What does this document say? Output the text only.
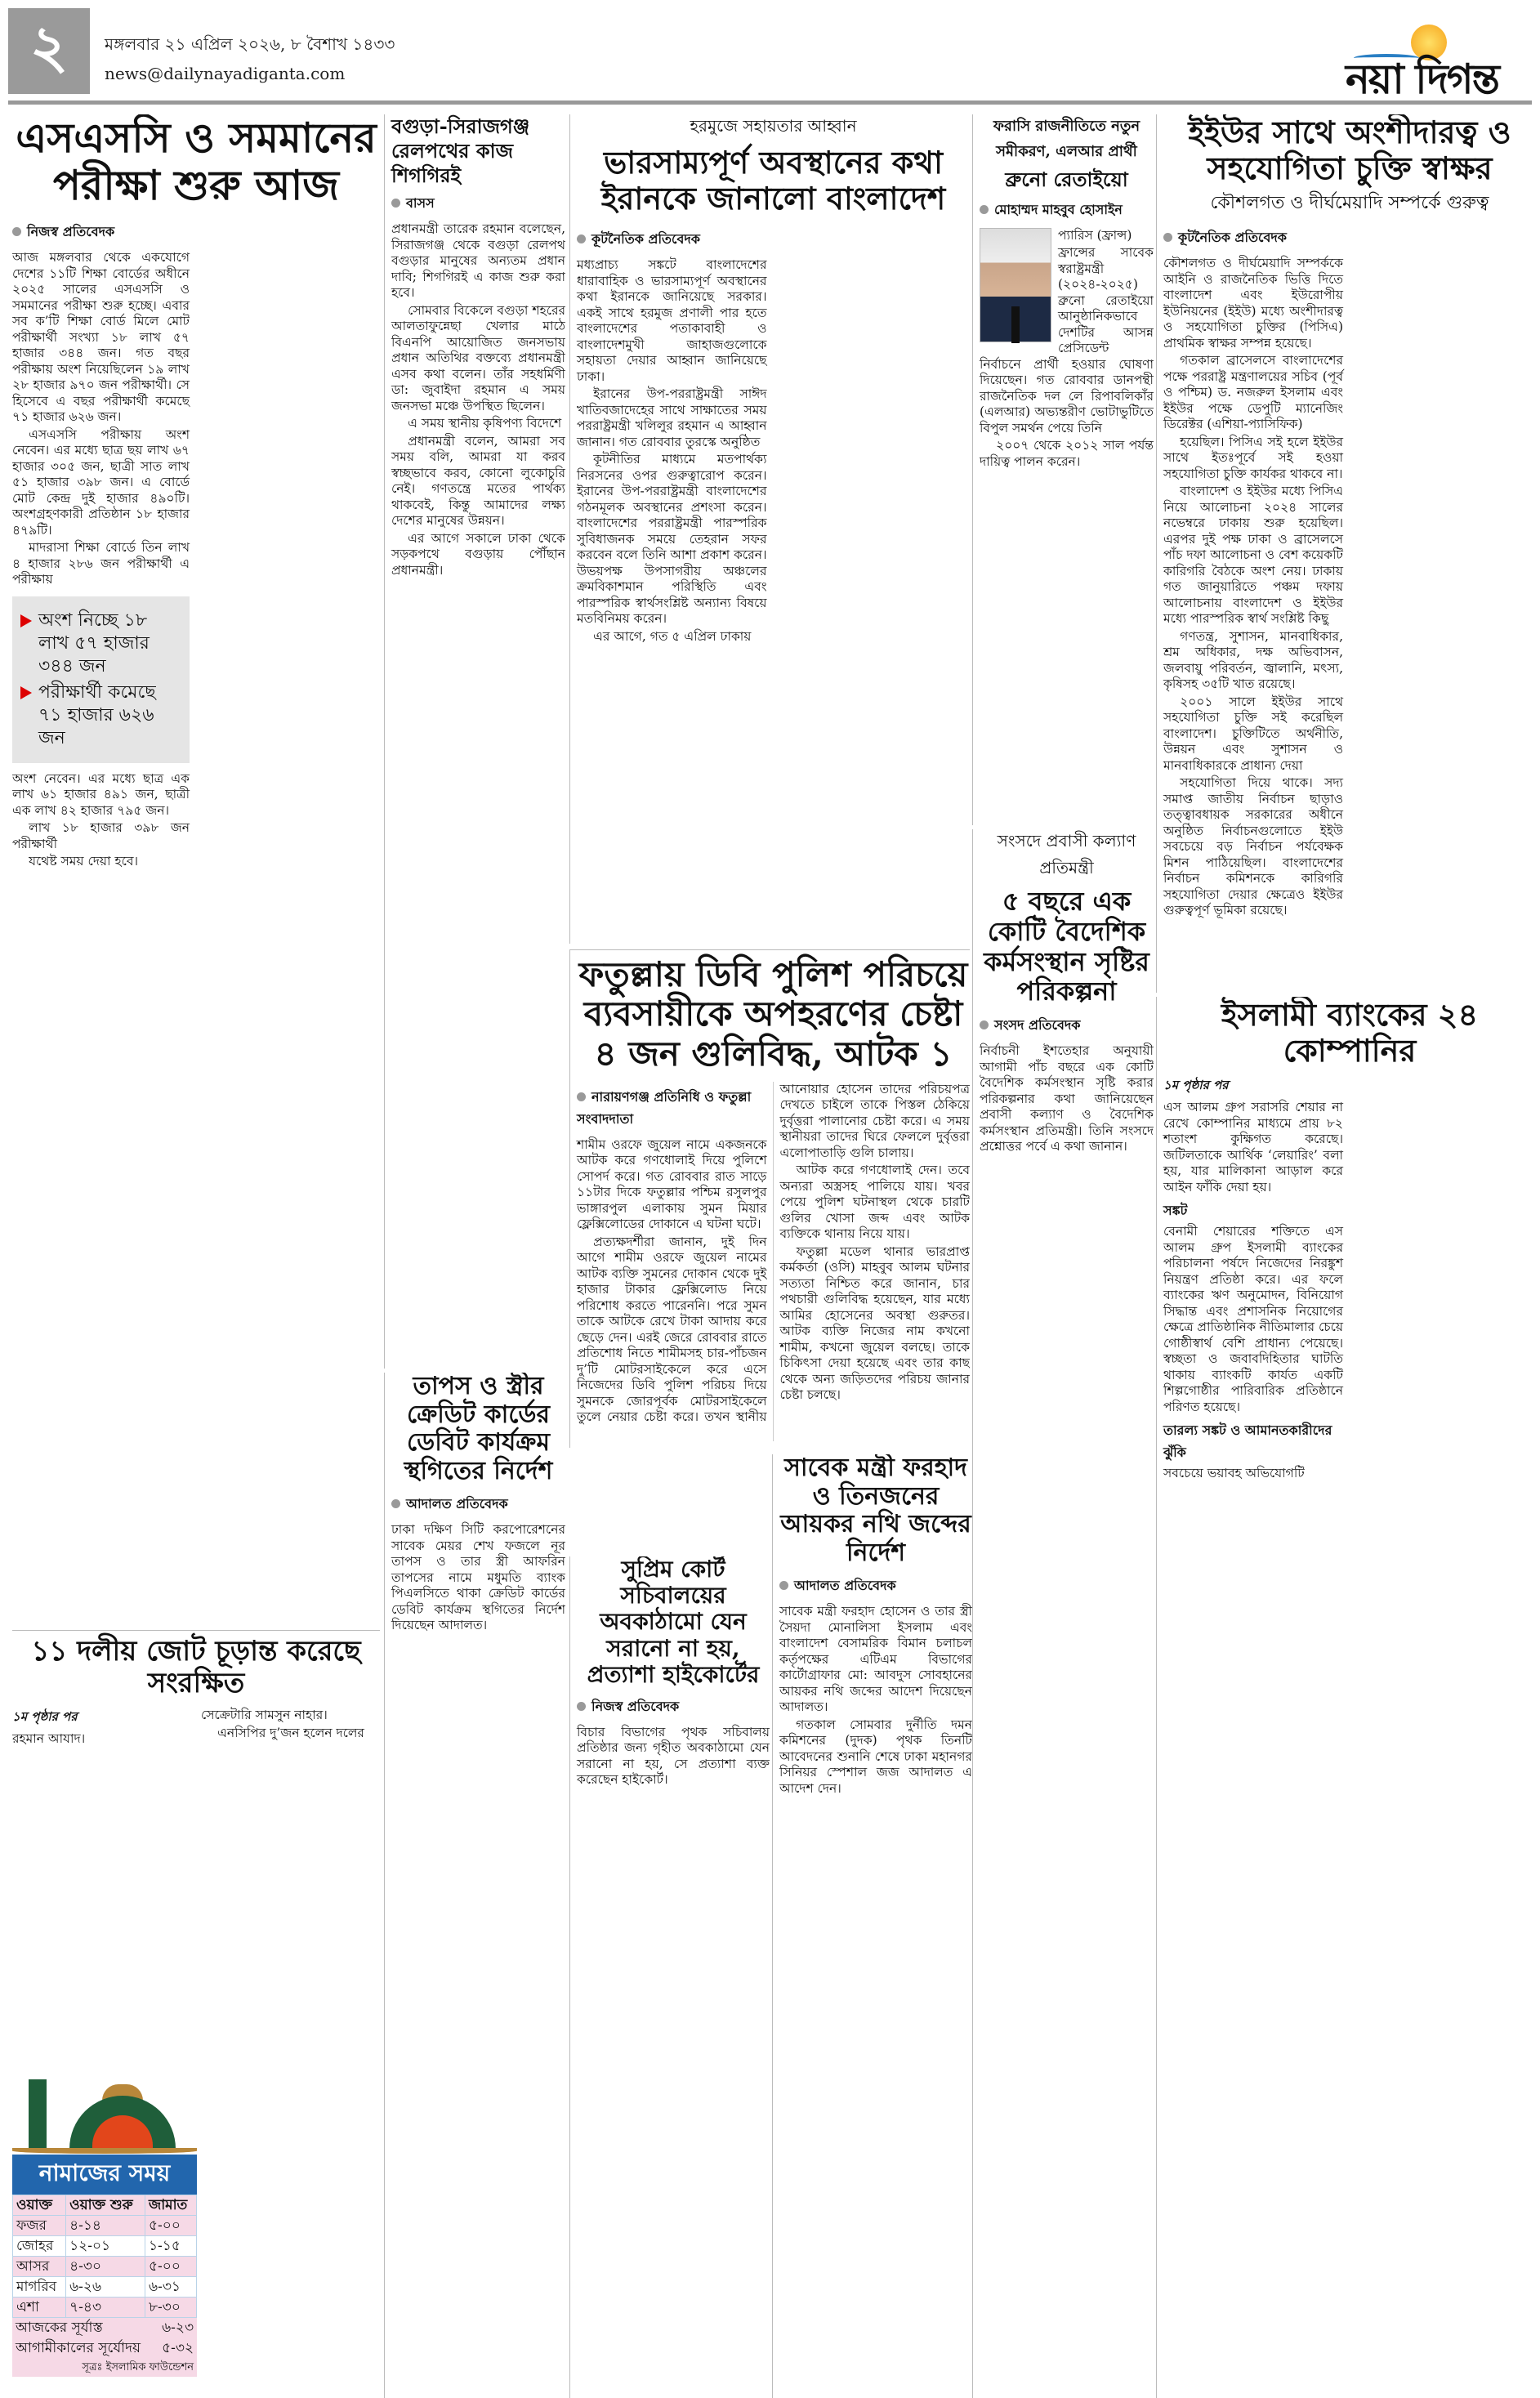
২	মঙ্গলবার ২১ এপ্রিল ২০২৬, ৮ বৈশাখ ১৪৩৩
news@dailynayadiganta.com	নয়া দিগন্ত
এসএসসি ও সমমানের পরীক্ষা শুরু আজ
নিজস্ব প্রতিবেদক

আজ মঙ্গলবার থেকে একযোগে দেশের ১১টি শিক্ষা বোর্ডের অধীনে ২০২৫ সালের এসএসসি ও সমমানের পরীক্ষা শুরু হচ্ছে। এবার সব ক’টি শিক্ষা বোর্ড মিলে মোট পরীক্ষার্থী সংখ্যা ১৮ লাখ ৫৭ হাজার ৩৪৪ জন। গত বছর পরীক্ষায় অংশ নিয়েছিলেন ১৯ লাখ ২৮ হাজার ৯৭০ জন পরীক্ষার্থী। সে হিসেবে এ বছর পরীক্ষার্থী কমেছে ৭১ হাজার ৬২৬ জন।

এসএসসি পরীক্ষায় অংশ নেবেন। এর মধ্যে ছাত্র ছয় লাখ ৬৭ হাজার ৩০৫ জন, ছাত্রী সাত লাখ ৫১ হাজার ৩৯৮ জন। এ বোর্ডে মোট কেন্দ্র দুই হাজার ৪৯০টি। অংশগ্রহণকারী প্রতিষ্ঠান ১৮ হাজার ৪৭৯টি।

মাদরাসা শিক্ষা বোর্ডে তিন লাখ ৪ হাজার ২৮৬ জন পরীক্ষার্থী এ পরীক্ষায়

অংশ নিচ্ছে ১৮ লাখ ৫৭ হাজার ৩৪৪ জন
পরীক্ষার্থী কমেছে ৭১ হাজার ৬২৬ জন

অংশ নেবেন। এর মধ্যে ছাত্র এক লাখ ৬১ হাজার ৪৯১ জন, ছাত্রী এক লাখ ৪২ হাজার ৭৯৫ জন।

লাখ ১৮ হাজার ৩৯৮ জন পরীক্ষার্থী

যথেষ্ট সময় দেয়া হবে।

১১ দলীয় জোট চূড়ান্ত করেছে সংরক্ষিত
১ম পৃষ্ঠার পর

রহমান আযাদ।

সেক্রেটারি সামসুন নাহার।

এনসিপির দু’জন হলেন দলের

নামাজের সময়
ওয়াক্ত	ওয়াক্ত শুরু	জামাত
ফজর	৪-১৪	৫-০০
জোহর	১২-০১	১-১৫
আসর	৪-৩০	৫-০০
মাগরিব	৬-২৬	৬-৩১
এশা	৭-৪৩	৮-৩০
আজকের সূর্যাস্ত	৬-২৩
আগামীকালের সূর্যোদয় ৫-৩২
সূত্রঃ ইসলামিক ফাউন্ডেশন
বগুড়া-সিরাজগঞ্জ
রেলপথের কাজ শিগগিরই
বাসস

প্রধানমন্ত্রী তারেক রহমান বলেছেন, সিরাজগঞ্জ থেকে বগুড়া রেলপথ বগুড়ার মানুষের অন্যতম প্রধান দাবি; শিগগিরই এ কাজ শুরু করা হবে।

সোমবার বিকেলে বগুড়া শহরের আলতাফুন্নেছা খেলার মাঠে বিএনপি আয়োজিত জনসভায় প্রধান অতিথির বক্তব্যে প্রধানমন্ত্রী এসব কথা বলেন। তাঁর সহধর্মিণী ডা: জুবাইদা রহমান এ সময় জনসভা মঞ্চে উপস্থিত ছিলেন।

এ সময় স্থানীয় কৃষিপণ্য বিদেশে

প্রধানমন্ত্রী বলেন, আমরা সব সময় বলি, আমরা যা করব স্বচ্ছভাবে করব, কোনো লুকোচুরি নেই। গণতন্ত্রে মতের পার্থক্য থাকবেই, কিন্তু আমাদের লক্ষ্য দেশের মানুষের উন্নয়ন।

এর আগে সকালে ঢাকা থেকে সড়কপথে বগুড়ায় পৌঁছান প্রধানমন্ত্রী।

তাপস ও স্ত্রীর ক্রেডিট কার্ডের ডেবিট কার্যক্রম স্থগিতের নির্দেশ
আদালত প্রতিবেদক

ঢাকা দক্ষিণ সিটি করপোরেশনের সাবেক মেয়র শেখ ফজলে নূর তাপস ও তার স্ত্রী আফরিন তাপসের নামে মধুমতি ব্যাংক পিএলসিতে থাকা ক্রেডিট কার্ডের ডেবিট কার্যক্রম স্থগিতের নির্দেশ দিয়েছেন আদালত।

হরমুজে সহায়তার আহ্বান
ভারসাম্যপূর্ণ অবস্থানের কথা ইরানকে জানালো বাংলাদেশ
কূটনৈতিক প্রতিবেদক

মধ্যপ্রাচ্য সঙ্কটে বাংলাদেশের ধারাবাহিক ও ভারসাম্যপূর্ণ অবস্থানের কথা ইরানকে জানিয়েছে সরকার। একই সাথে হরমুজ প্রণালী পার হতে বাংলাদেশের পতাকাবাহী ও বাংলাদেশমুখী জাহাজগুলোকে সহায়তা দেয়ার আহ্বান জানিয়েছে ঢাকা।

ইরানের উপ-পররাষ্ট্রমন্ত্রী সাঈদ খাতিবজাদেহের সাথে সাক্ষাতের সময় পররাষ্ট্রমন্ত্রী খলিলুর রহমান এ আহ্বান জানান। গত রোববার তুরস্কে অনুষ্ঠিত

কূটনীতির মাধ্যমে মতপার্থক্য নিরসনের ওপর গুরুত্বারোপ করেন। ইরানের উপ-পররাষ্ট্রমন্ত্রী বাংলাদেশের গঠনমূলক অবস্থানের প্রশংসা করেন। বাংলাদেশের পররাষ্ট্রমন্ত্রী পারস্পরিক সুবিধাজনক সময়ে তেহরান সফর করবেন বলে তিনি আশা প্রকাশ করেন। উভয়পক্ষ উপসাগরীয় অঞ্চলের ক্রমবিকাশমান পরিস্থিতি এবং পারস্পরিক স্বার্থসংশ্লিষ্ট অন্যান্য বিষয়ে মতবিনিময় করেন।

এর আগে, গত ৫ এপ্রিল ঢাকায়

ফতুল্লায় ডিবি পুলিশ পরিচয়ে ব্যবসায়ীকে অপহরণের চেষ্টা ৪ জন গুলিবিদ্ধ, আটক ১
নারায়ণগঞ্জ প্রতিনিধি ও ফতুল্লা সংবাদদাতা

শামীম ওরফে জুয়েল নামে একজনকে আটক করে গণধোলাই দিয়ে পুলিশে সোপর্দ করে। গত রোববার রাত সাড়ে ১১টার দিকে ফতুল্লার পশ্চিম রসুলপুর ভাঙ্গারপুল এলাকায় সুমন মিয়ার ফ্লেক্সিলোডের দোকানে এ ঘটনা ঘটে।

প্রত্যক্ষদর্শীরা জানান, দুই দিন আগে শামীম ওরফে জুয়েল নামের আটক ব্যক্তি সুমনের দোকান থেকে দুই হাজার টাকার ফ্লেক্সিলোড নিয়ে পরিশোধ করতে পারেননি। পরে সুমন তাকে আটকে রেখে টাকা আদায় করে ছেড়ে দেন। এরই জেরে রোববার রাতে প্রতিশোধ নিতে শামীমসহ চার-পাঁচজন দু’টি মোটরসাইকেলে করে এসে নিজেদের ডিবি পুলিশ পরিচয় দিয়ে সুমনকে জোরপূর্বক মোটরসাইকেলে তুলে নেয়ার চেষ্টা করে। তখন স্থানীয় আনোয়ার হোসেন তাদের পরিচয়পত্র দেখতে চাইলে তাকে পিস্তল ঠেকিয়ে দুর্বৃত্তরা পালানোর চেষ্টা করে। এ সময় স্থানীয়রা তাদের ঘিরে ফেললে দুর্বৃত্তরা এলোপাতাড়ি গুলি চালায়।

আটক করে গণধোলাই দেন। তবে অন্যরা অস্ত্রসহ পালিয়ে যায়। খবর পেয়ে পুলিশ ঘটনাস্থল থেকে চারটি গুলির খোসা জব্দ এবং আটক ব্যক্তিকে থানায় নিয়ে যায়।

ফতুল্লা মডেল থানার ভারপ্রাপ্ত কর্মকর্তা (ওসি) মাহবুব আলম ঘটনার সত্যতা নিশ্চিত করে জানান, চার পথচারী গুলিবিদ্ধ হয়েছেন, যার মধ্যে আমির হোসেনের অবস্থা গুরুতর। আটক ব্যক্তি নিজের নাম কখনো শামীম, কখনো জুয়েল বলছে। তাকে চিকিৎসা দেয়া হয়েছে এবং তার কাছ থেকে অন্য জড়িতদের পরিচয় জানার চেষ্টা চলছে।

সুপ্রিম কোর্ট সচিবালয়ের অবকাঠামো যেন সরানো না হয়, প্রত্যাশা হাইকোর্টের
নিজস্ব প্রতিবেদক

বিচার বিভাগের পৃথক সচিবালয় প্রতিষ্ঠার জন্য গৃহীত অবকাঠামো যেন সরানো না হয়, সে প্রত্যাশা ব্যক্ত করেছেন হাইকোর্ট।

সাবেক মন্ত্রী ফরহাদ ও তিনজনের আয়কর নথি জব্দের নির্দেশ
আদালত প্রতিবেদক

সাবেক মন্ত্রী ফরহাদ হোসেন ও তার স্ত্রী সৈয়দা মোনালিসা ইসলাম এবং বাংলাদেশ বেসামরিক বিমান চলাচল কর্তৃপক্ষের এটিএম বিভাগের কার্টোগ্রাফার মো: আবদুস সোবহানের আয়কর নথি জব্দের আদেশ দিয়েছেন আদালত।

গতকাল সোমবার দুর্নীতি দমন কমিশনের (দুদক) পৃথক তিনটি আবেদনের শুনানি শেষে ঢাকা মহানগর সিনিয়র স্পেশাল জজ আদালত এ আদেশ দেন।

ফরাসি রাজনীতিতে নতুন সমীকরণ, এলআর প্রার্থী
ব্রুনো রেতাইয়ো
মোহাম্মদ মাহবুব হোসাইন

প্যারিস (ফ্রান্স)

ফ্রান্সের সাবেক স্বরাষ্ট্রমন্ত্রী (২০২৪-২০২৫) ব্রুনো রেতাইয়ো আনুষ্ঠানিকভাবে দেশটির আসন্ন প্রেসিডেন্ট নির্বাচনে প্রার্থী হওয়ার ঘোষণা দিয়েছেন। গত রোববার ডানপন্থী রাজনৈতিক দল লে রিপাবলিকাঁর (এলআর) অভ্যন্তরীণ ভোটাভুটিতে বিপুল সমর্থন পেয়ে তিনি

২০০৭ থেকে ২০১২ সাল পর্যন্ত দায়িত্ব পালন করেন।

সংসদে প্রবাসী কল্যাণ প্রতিমন্ত্রী
৫ বছরে এক কোটি বৈদেশিক কর্মসংস্থান সৃষ্টির পরিকল্পনা
সংসদ প্রতিবেদক

নির্বাচনী ইশতেহার অনুযায়ী আগামী পাঁচ বছরে এক কোটি বৈদেশিক কর্মসংস্থান সৃষ্টি করার পরিকল্পনার কথা জানিয়েছেন প্রবাসী কল্যাণ ও বৈদেশিক কর্মসংস্থান প্রতিমন্ত্রী। তিনি সংসদে প্রশ্নোত্তর পর্বে এ কথা জানান।

ইইউর সাথে অংশীদারত্ব ও সহযোগিতা চুক্তি স্বাক্ষর
কৌশলগত ও দীর্ঘমেয়াদি সম্পর্কে গুরুত্ব
কূটনৈতিক প্রতিবেদক

কৌশলগত ও দীর্ঘমেয়াদি সম্পর্ককে আইনি ও রাজনৈতিক ভিত্তি দিতে বাংলাদেশ এবং ইউরোপীয় ইউনিয়নের (ইইউ) মধ্যে অংশীদারত্ব ও সহযোগিতা চুক্তির (পিসিএ) প্রাথমিক স্বাক্ষর সম্পন্ন হয়েছে।

গতকাল ব্রাসেলসে বাংলাদেশের পক্ষে পররাষ্ট্র মন্ত্রণালয়ের সচিব (পূর্ব ও পশ্চিম) ড. নজরুল ইসলাম এবং ইইউর পক্ষে ডেপুটি ম্যানেজিং ডিরেক্টর (এশিয়া-প্যাসিফিক)

হয়েছিল। পিসিএ সই হলে ইইউর সাথে ইতঃপূর্বে সই হওয়া সহযোগিতা চুক্তি কার্যকর থাকবে না।

বাংলাদেশ ও ইইউর মধ্যে পিসিএ নিয়ে আলোচনা ২০২৪ সালের নভেম্বরে ঢাকায় শুরু হয়েছিল। এরপর দুই পক্ষ ঢাকা ও ব্রাসেলসে পাঁচ দফা আলোচনা ও বেশ কয়েকটি কারিগরি বৈঠকে অংশ নেয়। ঢাকায় গত জানুয়ারিতে পঞ্চম দফায় আলোচনায় বাংলাদেশ ও ইইউর মধ্যে পারস্পরিক স্বার্থ সংশ্লিষ্ট কিছু

গণতন্ত্র, সুশাসন, মানবাধিকার, শ্রম অধিকার, দক্ষ অভিবাসন, জলবায়ু পরিবর্তন, জ্বালানি, মৎস্য, কৃষিসহ ৩৫টি খাত রয়েছে।

২০০১ সালে ইইউর সাথে সহযোগিতা চুক্তি সই করেছিল বাংলাদেশ। চুক্তিটিতে অর্থনীতি, উন্নয়ন এবং সুশাসন ও মানবাধিকারকে প্রাধান্য দেয়া

সহযোগিতা দিয়ে থাকে। সদ্য সমাপ্ত জাতীয় নির্বাচন ছাড়াও তত্ত্বাবধায়ক সরকারের অধীনে অনুষ্ঠিত নির্বাচনগুলোতে ইইউ সবচেয়ে বড় নির্বাচন পর্যবেক্ষক মিশন পাঠিয়েছিল। বাংলাদেশের নির্বাচন কমিশনকে কারিগরি সহযোগিতা দেয়ার ক্ষেত্রেও ইইউর গুরুত্বপূর্ণ ভূমিকা রয়েছে।

ইসলামী ব্যাংকের ২৪ কোম্পানির
১ম পৃষ্ঠার পর

এস আলম গ্রুপ সরাসরি শেয়ার না রেখে কোম্পানির মাধ্যমে প্রায় ৮২ শতাংশ কুক্ষিগত করেছে। জটিলতাকে আর্থিক ‘লেয়ারিং’ বলা হয়, যার মালিকানা আড়াল করে আইন ফাঁকি দেয়া হয়।

সঙ্কট

বেনামী শেয়ারের শক্তিতে এস আলম গ্রুপ ইসলামী ব্যাংকের পরিচালনা পর্ষদে নিজেদের নিরঙ্কুশ নিয়ন্ত্রণ প্রতিষ্ঠা করে। এর ফলে ব্যাংকের ঋণ অনুমোদন, বিনিয়োগ সিদ্ধান্ত এবং প্রশাসনিক নিয়োগের ক্ষেত্রে প্রাতিষ্ঠানিক নীতিমালার চেয়ে গোষ্ঠীস্বার্থ বেশি প্রাধান্য পেয়েছে। স্বচ্ছতা ও জবাবদিহিতার ঘাটতি থাকায় ব্যাংকটি কার্যত একটি শিল্পগোষ্ঠীর পারিবারিক প্রতিষ্ঠানে পরিণত হয়েছে।

তারল্য সঙ্কট ও আমানতকারীদের ঝুঁকি

সবচেয়ে ভয়াবহ অভিযোগটি
